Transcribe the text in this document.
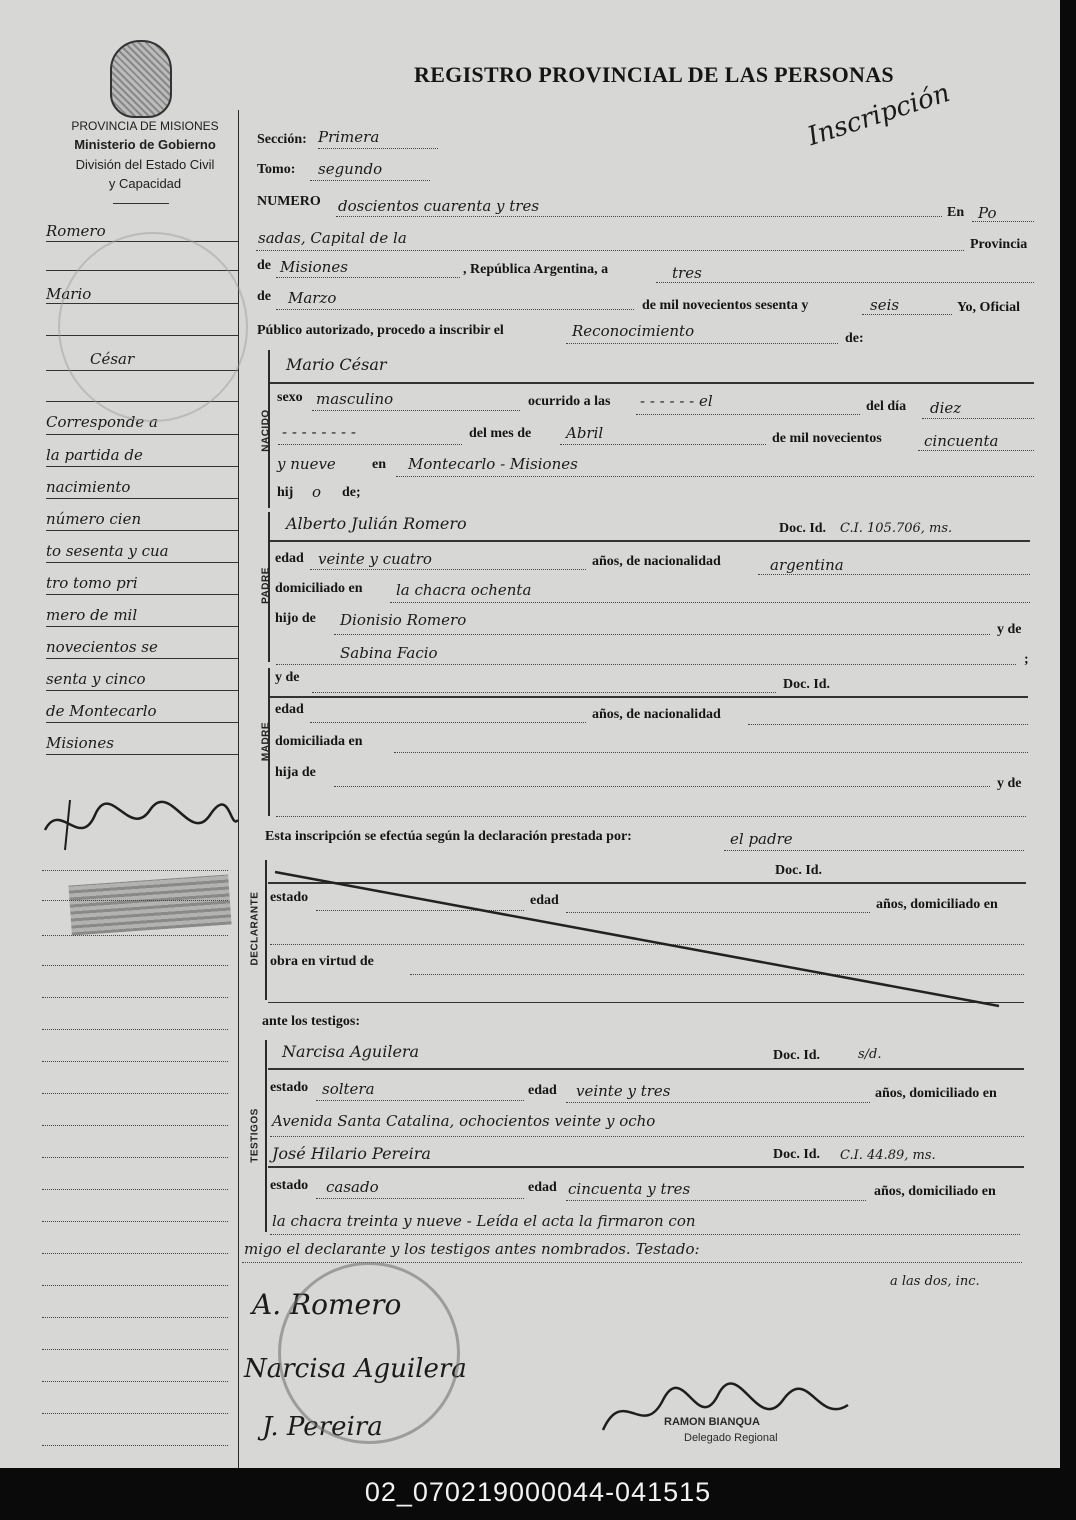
PROVINCIA DE MISIONES
Ministerio de Gobierno
División del Estado Civil
y Capacidad
REGISTRO PROVINCIAL DE LAS PERSONAS
Inscripción
Romero
Mario
César
Corresponde a
la partida de
nacimiento
número cien
to sesenta y cua
tro tomo pri
mero de mil
novecientos se
senta y cinco
de Montecarlo
Misiones
Sección: Primera
Tomo: segundo
NUMERO doscientos cuarenta y tres	En Po
sadas, Capital de la	Provincia
de Misiones	, República Argentina, a	tres
de Marzo	de mil novecientos sesenta y	seis	Yo, Oficial
Público autorizado, procedo a inscribir el	Reconocimiento	de:
NACIDO
Mario César
sexo masculino	ocurrido a las - - - - - - el	del día diez
- - - - - - - -	del mes de Abril	de mil novecientos	cincuenta
y nueve	en Montecarlo - Misiones
hij o de;
PADRE
Alberto Julián Romero	Doc. Id. C.I. 105.706, ms.
edad veinte y cuatro	años, de nacionalidad	argentina
domiciliado en la chacra ochenta
hijo de Dionisio Romero
y de
Sabina Facio	;
MADRE
y de	Doc. Id.
edad	años, de nacionalidad
domiciliada en
hija de
y de
Esta inscripción se efectúa según la declaración prestada por:	el padre
DECLARANTE
Doc. Id.
estado	edad	años, domiciliado en
obra en virtud de
ante los testigos:
TESTIGOS
Narcisa Aguilera	Doc. Id.	s/d.
estado soltera	edad veinte y tres	años, domiciliado en
Avenida Santa Catalina, ochocientos veinte y ocho
José Hilario Pereira	Doc. Id. C.I. 44.89, ms.
estado casado	edad cincuenta y tres	años, domiciliado en
la chacra treinta y nueve - Leída el acta la firmaron con
migo el declarante y los testigos antes nombrados. Testado:
a las dos, inc.
A. Romero
Narcisa Aguilera
J. Pereira	RAMON BIANQUA
Delegado Regional
02_070219000044-041515
